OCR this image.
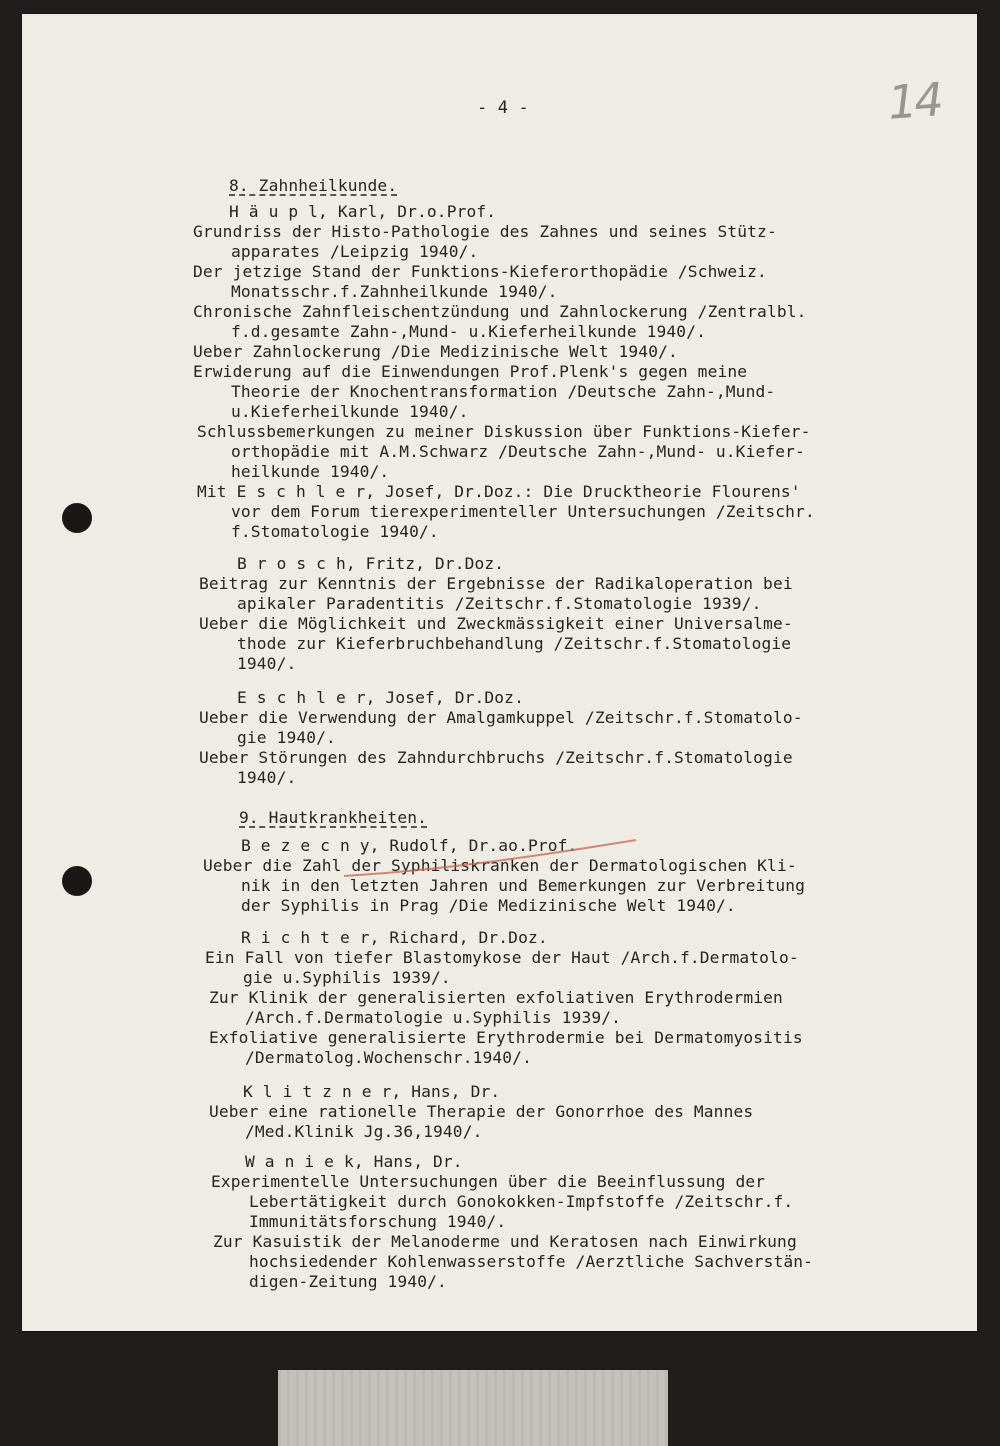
- 4 -	14
8. Zahnheilkunde.
H ä u p l, Karl, Dr.o.Prof.
Grundriss der Histo-Pathologie des Zahnes und seines Stütz-
apparates /Leipzig 1940/.
Der jetzige Stand der Funktions-Kieferorthopädie /Schweiz.
Monatsschr.f.Zahnheilkunde 1940/.
Chronische Zahnfleischentzündung und Zahnlockerung /Zentralbl.
f.d.gesamte Zahn-,Mund- u.Kieferheilkunde 1940/.
Ueber Zahnlockerung /Die Medizinische Welt 1940/.
Erwiderung auf die Einwendungen Prof.Plenk's gegen meine
Theorie der Knochentransformation /Deutsche Zahn-,Mund-
u.Kieferheilkunde 1940/.
Schlussbemerkungen zu meiner Diskussion über Funktions-Kiefer-
orthopädie mit A.M.Schwarz /Deutsche Zahn-,Mund- u.Kiefer-
heilkunde 1940/.
Mit E s c h l e r, Josef, Dr.Doz.: Die Drucktheorie Flourens'
vor dem Forum tierexperimenteller Untersuchungen /Zeitschr.
f.Stomatologie 1940/.
B r o s c h, Fritz, Dr.Doz.
Beitrag zur Kenntnis der Ergebnisse der Radikaloperation bei
apikaler Paradentitis /Zeitschr.f.Stomatologie 1939/.
Ueber die Möglichkeit und Zweckmässigkeit einer Universalme-
thode zur Kieferbruchbehandlung /Zeitschr.f.Stomatologie
1940/.
E s c h l e r, Josef, Dr.Doz.
Ueber die Verwendung der Amalgamkuppel /Zeitschr.f.Stomatolo-
gie 1940/.
Ueber Störungen des Zahndurchbruchs /Zeitschr.f.Stomatologie
1940/.
9. Hautkrankheiten.
B e z e c n y, Rudolf, Dr.ao.Prof.
Ueber die Zahl der Syphiliskranken der Dermatologischen Kli-
nik in den letzten Jahren und Bemerkungen zur Verbreitung
der Syphilis in Prag /Die Medizinische Welt 1940/.
R i c h t e r, Richard, Dr.Doz.
Ein Fall von tiefer Blastomykose der Haut /Arch.f.Dermatolo-
gie u.Syphilis 1939/.
Zur Klinik der generalisierten exfoliativen Erythrodermien
/Arch.f.Dermatologie u.Syphilis 1939/.
Exfoliative generalisierte Erythrodermie bei Dermatomyositis
/Dermatolog.Wochenschr.1940/.
K l i t z n e r, Hans, Dr.
Ueber eine rationelle Therapie der Gonorrhoe des Mannes
/Med.Klinik Jg.36,1940/.
W a n i e k, Hans, Dr.
Experimentelle Untersuchungen über die Beeinflussung der
Lebertätigkeit durch Gonokokken-Impfstoffe /Zeitschr.f.
Immunitätsforschung 1940/.
Zur Kasuistik der Melanoderme und Keratosen nach Einwirkung
hochsiedender Kohlenwasserstoffe /Aerztliche Sachverstän-
digen-Zeitung 1940/.
